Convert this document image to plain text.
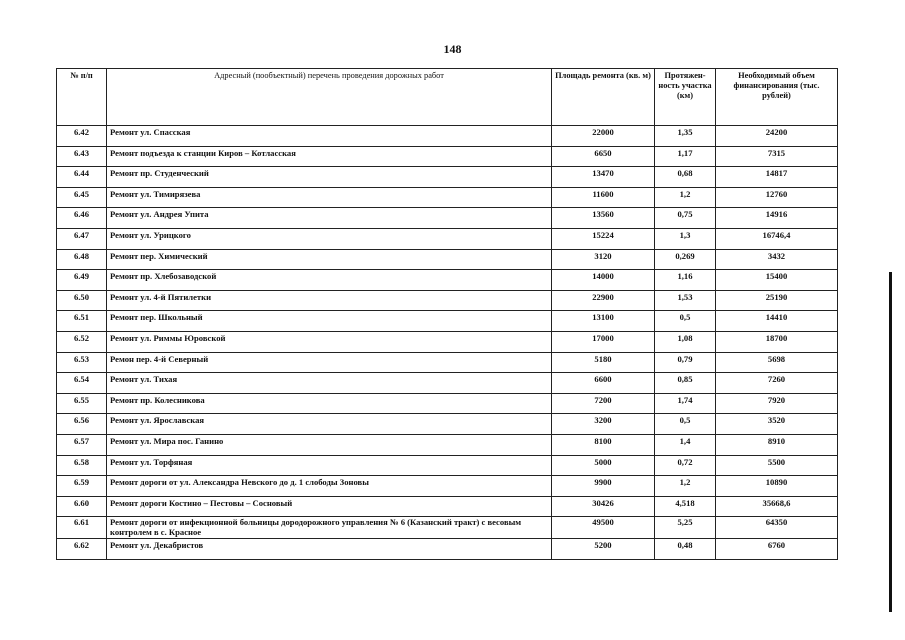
148
№ п/п	Адресный (пообъектный) перечень проведения дорожных работ	Площадь ремонта (кв. м)	Протяжен-ность участка (км)	Необходимый объем финансирования (тыс. рублей)
6.42	Ремонт ул. Спасская	22000	1,35	24200
6.43	Ремонт подъезда к станции Киров – Котласская	6650	1,17	7315
6.44	Ремонт пр. Студенческий	13470	0,68	14817
6.45	Ремонт ул. Тимирязева	11600	1,2	12760
6.46	Ремонт ул. Андрея Упита	13560	0,75	14916
6.47	Ремонт ул. Урицкого	15224	1,3	16746,4
6.48	Ремонт пер. Химический	3120	0,269	3432
6.49	Ремонт пр. Хлебозаводской	14000	1,16	15400
6.50	Ремонт ул. 4-й Пятилетки	22900	1,53	25190
6.51	Ремонт пер. Школьный	13100	0,5	14410
6.52	Ремонт ул. Риммы Юровской	17000	1,08	18700
6.53	Ремон пер. 4-й Северный	5180	0,79	5698
6.54	Ремонт ул. Тихая	6600	0,85	7260
6.55	Ремонт пр. Колесникова	7200	1,74	7920
6.56	Ремонт ул. Ярославская	3200	0,5	3520
6.57	Ремонт ул. Мира пос. Ганино	8100	1,4	8910
6.58	Ремонт ул. Торфяная	5000	0,72	5500
6.59	Ремонт дороги от ул. Александра Невского до д. 1 слободы Зоновы	9900	1,2	10890
6.60	Ремонт дороги Костино – Пестовы – Сосновый	30426	4,518	35668,6
6.61	Ремонт дороги от инфекционной больницы дородорожного управления № 6 (Казанский тракт) с весовым контролем в с. Красное	49500	5,25	64350
6.62	Ремонт ул. Декабристов	5200	0,48	6760
